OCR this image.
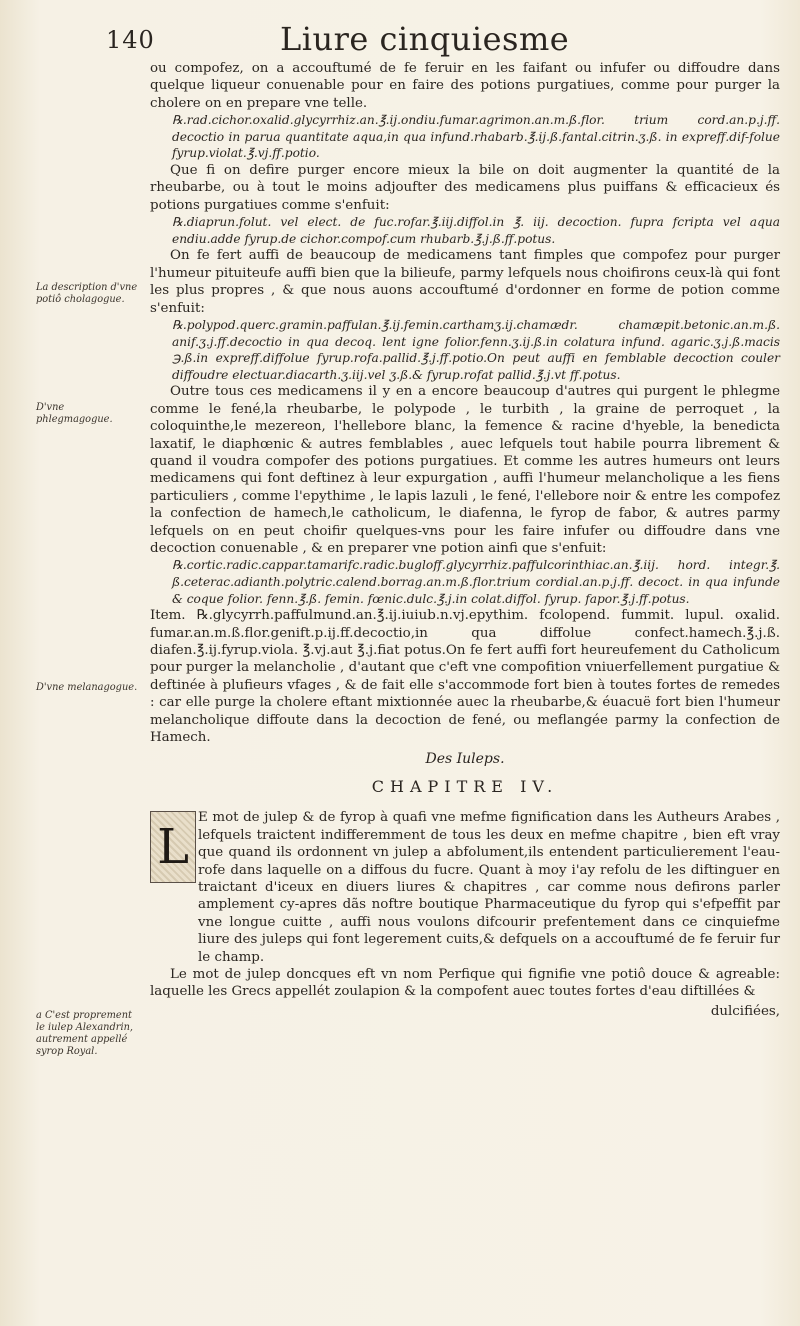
140	Liure cinquiesme
La description d'vne potiô cholagogue.
D'vne phlegmagogue.
D'vne melanagogue.
a C'est proprement le iulep Alexandrin, autrement appellé syrop Royal.

ou compofez, on a accouftumé de fe feruir en les faifant ou infufer ou diffoudre dans quelque liqueur conuenable pour en faire des potions purgatiues, comme pour purger la cholere on en prepare vne telle.

℞.rad.cichor.oxalid.glycyrrhiz.an.℥.ij.ondiu.fumar.agrimon.an.m.ß.flor. trium cord.an.p.j.ff. decoctio in parua quantitate aqua,in qua infund.rhabarb.℥.ij.ß.fantal.citrin.ʒ.ß. in expreff.dif-folue fyrup.violat.℥.vj.ff.potio.

Que fi on defire purger encore mieux la bile on doit augmenter la quantité de la rheubarbe, ou à tout le moins adjoufter des medicamens plus puiffans & efficacieux és potions purgatiues comme s'enfuit:

℞.diaprun.folut. vel elect. de fuc.rofar.℥.iij.diffol.in ℥. iij. decoction. fupra fcripta vel aqua endiu.adde fyrup.de cichor.compof.cum rhubarb.℥.j.ß.ff.potus.

On fe fert auffi de beaucoup de medicamens tant fimples que compofez pour purger l'humeur pituiteufe auffi bien que la bilieufe, parmy lefquels nous choifirons ceux-là qui font les plus propres , & que nous auons accouftumé d'ordonner en forme de potion comme s'enfuit:

℞.polypod.querc.gramin.paffulan.℥.ij.femin.carthamʒ.ij.chamædr. chamæpit.betonic.an.m.ß. anif.ʒ.j.ff.decoctio in qua decoq. lent igne folior.fenn.ʒ.ij.ß.in colatura infund. agaric.ʒ.j.ß.macis ℈.ß.in expreff.diffolue fyrup.rofa.pallid.℥.j.ff.potio.On peut auffi en femblable decoction couler diffoudre electuar.diacarth.ʒ.iij.vel ʒ.ß.& fyrup.rofat pallid.℥.j.vt ff.potus.

Outre tous ces medicamens il y en a encore beaucoup d'autres qui purgent le phlegme comme le fené,la rheubarbe, le polypode , le turbith , la graine de perroquet , la coloquinthe,le mezereon, l'hellebore blanc, la femence & racine d'hyeble, la benedicta laxatif, le diaphœnic & autres femblables , auec lefquels tout habile pourra librement & quand il voudra compofer des potions purgatiues. Et comme les autres humeurs ont leurs medicamens qui font deftinez à leur expurgation , auffi l'humeur melancholique a les fiens particuliers , comme l'epythime , le lapis lazuli , le fené, l'ellebore noir & entre les compofez la confection de hamech,le catholicum, le diafenna, le fyrop de fabor, & autres parmy lefquels on en peut choifir quelques-vns pour les faire infufer ou diffoudre dans vne decoction conuenable , & en preparer vne potion ainfi que s'enfuit:

℞.cortic.radic.cappar.tamarifc.radic.bugloff.glycyrrhiz.paffulcorinthiac.an.℥.iij. hord. integr.℥. ß.ceterac.adianth.polytric.calend.borrag.an.m.ß.flor.trium cordial.an.p.j.ff. decoct. in qua infunde & coque folior. fenn.℥.ß. femin. fœnic.dulc.℥.j.in colat.diffol. fyrup. fapor.℥.j.ff.potus.

Item. ℞.glycyrrh.paffulmund.an.℥.ij.iuiub.n.vj.epythim. fcolopend. fummit. lupul. oxalid. fumar.an.m.ß.flor.genift.p.ij.ff.decoctio,in qua diffolue confect.hamech.℥.j.ß. diafen.℥.ij.fyrup.viola. ℥.vj.aut ℥.j.fiat potus.On fe fert auffi fort heureufement du Catholicum pour purger la melancholie , d'autant que c'eft vne compofition vniuerfellement purgatiue & deftinée à plufieurs vfages , & de fait elle s'accommode fort bien à toutes fortes de remedes : car elle purge la cholere eftant mixtionnée auec la rheubarbe,& éuacuë fort bien l'humeur melancholique diffoute dans la decoction de fené, ou meflangée parmy la confection de Hamech.

Des Iuleps.

CHAPITRE IV.

L

E mot de julep & de fyrop à quafi vne mefme fignification dans les Autheurs Arabes , lefquels traictent indifferemment de tous les deux en mefme chapitre , bien eft vray que quand ils ordonnent vn julep a abfolument,ils entendent particulierement l'eau-rofe dans laquelle on a diffous du fucre. Quant à moy i'ay refolu de les diftinguer en traictant d'iceux en diuers liures & chapitres , car comme nous defirons parler amplement cy-apres dãs noftre boutique Pharmaceutique du fyrop qui s'efpeffit par vne longue cuitte , auffi nous voulons difcourir prefentement dans ce cinquiefme liure des juleps qui font legerement cuits,& defquels on a accouftumé de fe feruir fur le champ.

Le mot de julep doncques eft vn nom Perfique qui fignifie vne potiô douce & agreable: laquelle les Grecs appellét zoulapion & la compofent auec toutes fortes d'eau diftillées &

dulcifiées,
